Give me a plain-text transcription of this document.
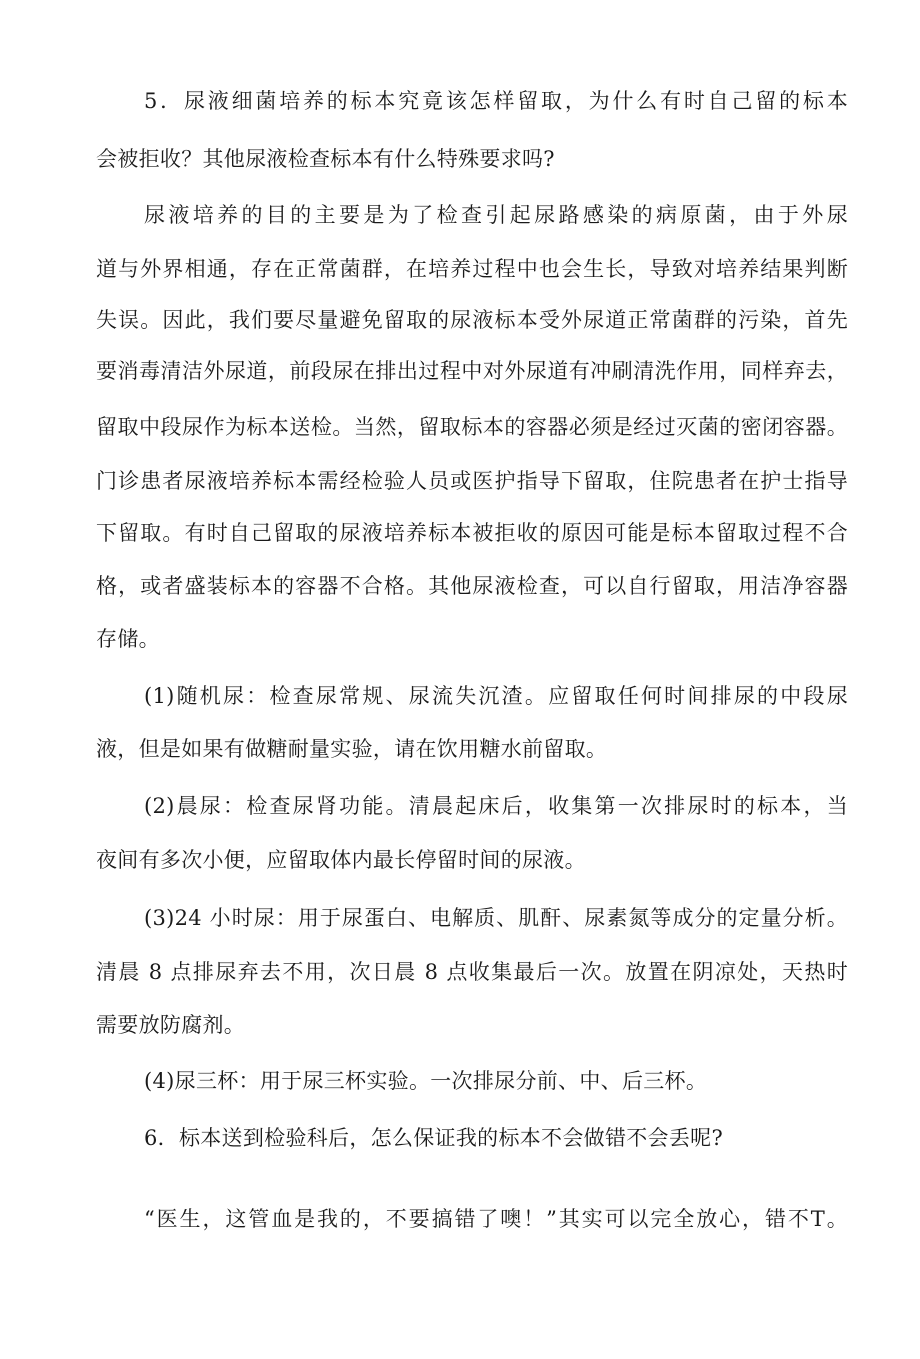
5．尿液细菌培养的标本究竟该怎样留取，为什么有时自己留的标本
会被拒收？其他尿液检查标本有什么特殊要求吗?
尿液培养的目的主要是为了检查引起尿路感染的病原菌，由于外尿
道与外界相通，存在正常菌群，在培养过程中也会生长，导致对培养结果判断
失误。因此，我们要尽量避免留取的尿液标本受外尿道正常菌群的污染，首先
要消毒清洁外尿道，前段尿在排出过程中对外尿道有冲刷清洗作用，同样弃去，
留取中段尿作为标本送检。当然，留取标本的容器必须是经过灭菌的密闭容器。
门诊患者尿液培养标本需经检验人员或医护指导下留取，住院患者在护士指导
下留取。有时自己留取的尿液培养标本被拒收的原因可能是标本留取过程不合
格，或者盛装标本的容器不合格。其他尿液检查，可以自行留取，用洁净容器
存储。
(1)随机尿：检查尿常规、尿流失沉渣。应留取任何时间排尿的中段尿
液，但是如果有做糖耐量实验，请在饮用糖水前留取。
(2)晨尿：检查尿肾功能。清晨起床后，收集第一次排尿时的标本，当
夜间有多次小便，应留取体内最长停留时间的尿液。
(3)24 小时尿：用于尿蛋白、电解质、肌酐、尿素氮等成分的定量分析。
清晨 8 点排尿弃去不用，次日晨 8 点收集最后一次。放置在阴凉处，天热时
需要放防腐剂。
(4)尿三杯：用于尿三杯实验。一次排尿分前、中、后三杯。
6．标本送到检验科后，怎么保证我的标本不会做错不会丢呢?
“医生，这管血是我的，不要搞错了噢！”其实可以完全放心，错不T。
